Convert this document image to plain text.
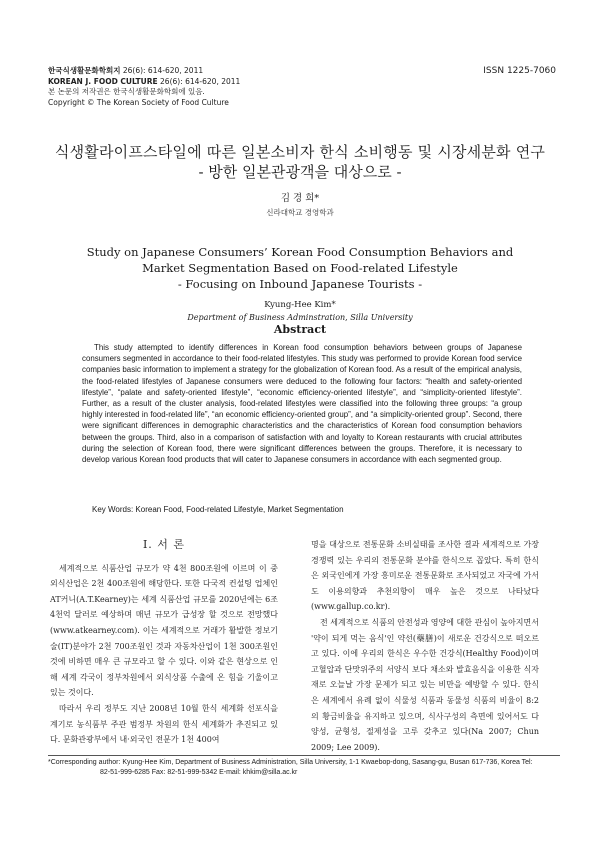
한국식생활문화학회지 26(6): 614-620, 2011
KOREAN J. FOOD CULTURE 26(6): 614-620, 2011
본 논문의 저작권은 한국식생활문화학회에 있음.
Copyright © The Korean Society of Food Culture
ISSN 1225-7060
식생활라이프스타일에 따른 일본소비자 한식 소비행동 및 시장세분화 연구
- 방한 일본관광객을 대상으로 -
김 경 희*
신라대학교 경영학과
Study on Japanese Consumers’ Korean Food Consumption Behaviors and
Market Segmentation Based on Food-related Lifestyle
- Focusing on Inbound Japanese Tourists -
Kyung-Hee Kim*
Department of Business Adminstration, Silla University
Abstract
This study attempted to identify differences in Korean food consumption behaviors between groups of Japanese consumers segmented in accordance to their food-related lifestyles. This study was performed to provide Korean food service companies basic information to implement a strategy for the globalization of Korean food. As a result of the empirical analysis, the food-related lifestyles of Japanese consumers were deduced to the following four factors: “health and safety-oriented lifestyle”, “palate and safety-oriented lifestyle”, “economic efficiency-oriented lifestyle”, and “simplicity-oriented lifestyle”. Further, as a result of the cluster analysis, food-related lifestyles were classified into the following three groups: “a group highly interested in food-related life”, “an economic efficiency-oriented group”, and “a simplicity-oriented group”. Second, there were significant differences in demographic characteristics and the characteristics of Korean food consumption behaviors between the groups. Third, also in a comparison of satisfaction with and loyalty to Korean restaurants with crucial attributes during the selection of Korean food, there were significant differences between the groups. Therefore, it is necessary to develop various Korean food products that will cater to Japanese consumers in accordance with each segmented group.
Key Words: Korean Food, Food-related Lifestyle, Market Segmentation
I. 서 론

세계적으로 식품산업 규모가 약 4천 800조원에 이르며 이 중 외식산업은 2천 400조원에 해당한다. 또한 다국적 컨설팅 업체인 AT커니(A.T.Kearney)는 세계 식품산업 규모를 2020년에는 6조 4천억 달러로 예상하며 매년 규모가 급성장 할 것으로 전망했다(www.atkearney.com). 이는 세계적으로 거래가 활발한 정보기술(IT)분야가 2천 700조원인 것과 자동차산업이 1천 300조원인 것에 비하면 매우 큰 규모라고 할 수 있다. 이와 같은 현상으로 인해 세계 각국이 정부차원에서 외식상품 수출에 온 힘을 기울이고 있는 것이다.

따라서 우리 정부도 지난 2008년 10월 한식 세계화 선포식을 계기로 농식품부 주관 범정부 차원의 한식 세계화가 추진되고 있다. 문화관광부에서 내·외국인 전문가 1천 400여

명을 대상으로 전통문화 소비실태를 조사한 결과 세계적으로 가장 경쟁력 있는 우리의 전통문화 분야를 한식으로 꼽았다. 특히 한식은 외국인에게 가장 흥미로운 전통문화로 조사되었고 자국에 가서도 이용의향과 추천의향이 매우 높은 것으로 나타났다(www.gallup.co.kr).

전 세계적으로 식품의 안전성과 영양에 대한 관심이 높아지면서 '약이 되게 먹는 음식'인 약선(藥膳)이 새로운 건강식으로 떠오르고 있다. 이에 우리의 한식은 우수한 건강식(Healthy Food)이며 고혈압과 단맛위주의 서양식 보다 채소와 발효음식을 이용한 식자재로 오늘날 가장 문제가 되고 있는 비만을 예방할 수 있다. 한식은 세계에서 유례 없이 식물성 식품과 동물성 식품의 비율이 8:2의 황금비율을 유지하고 있으며, 식사구성의 측면에 있어서도 다양성, 균형성, 절제성을 고루 갖추고 있다(Na 2007; Chun 2009; Lee 2009).

*Corresponding author: Kyung-Hee Kim, Department of Business Administration, Silla University, 1-1 Kwaebop-dong, Sasang-gu, Busan 617-736, Korea Tel:
82-51-999-6285 Fax: 82-51-999-5342 E-mail: khkim@silla.ac.kr
